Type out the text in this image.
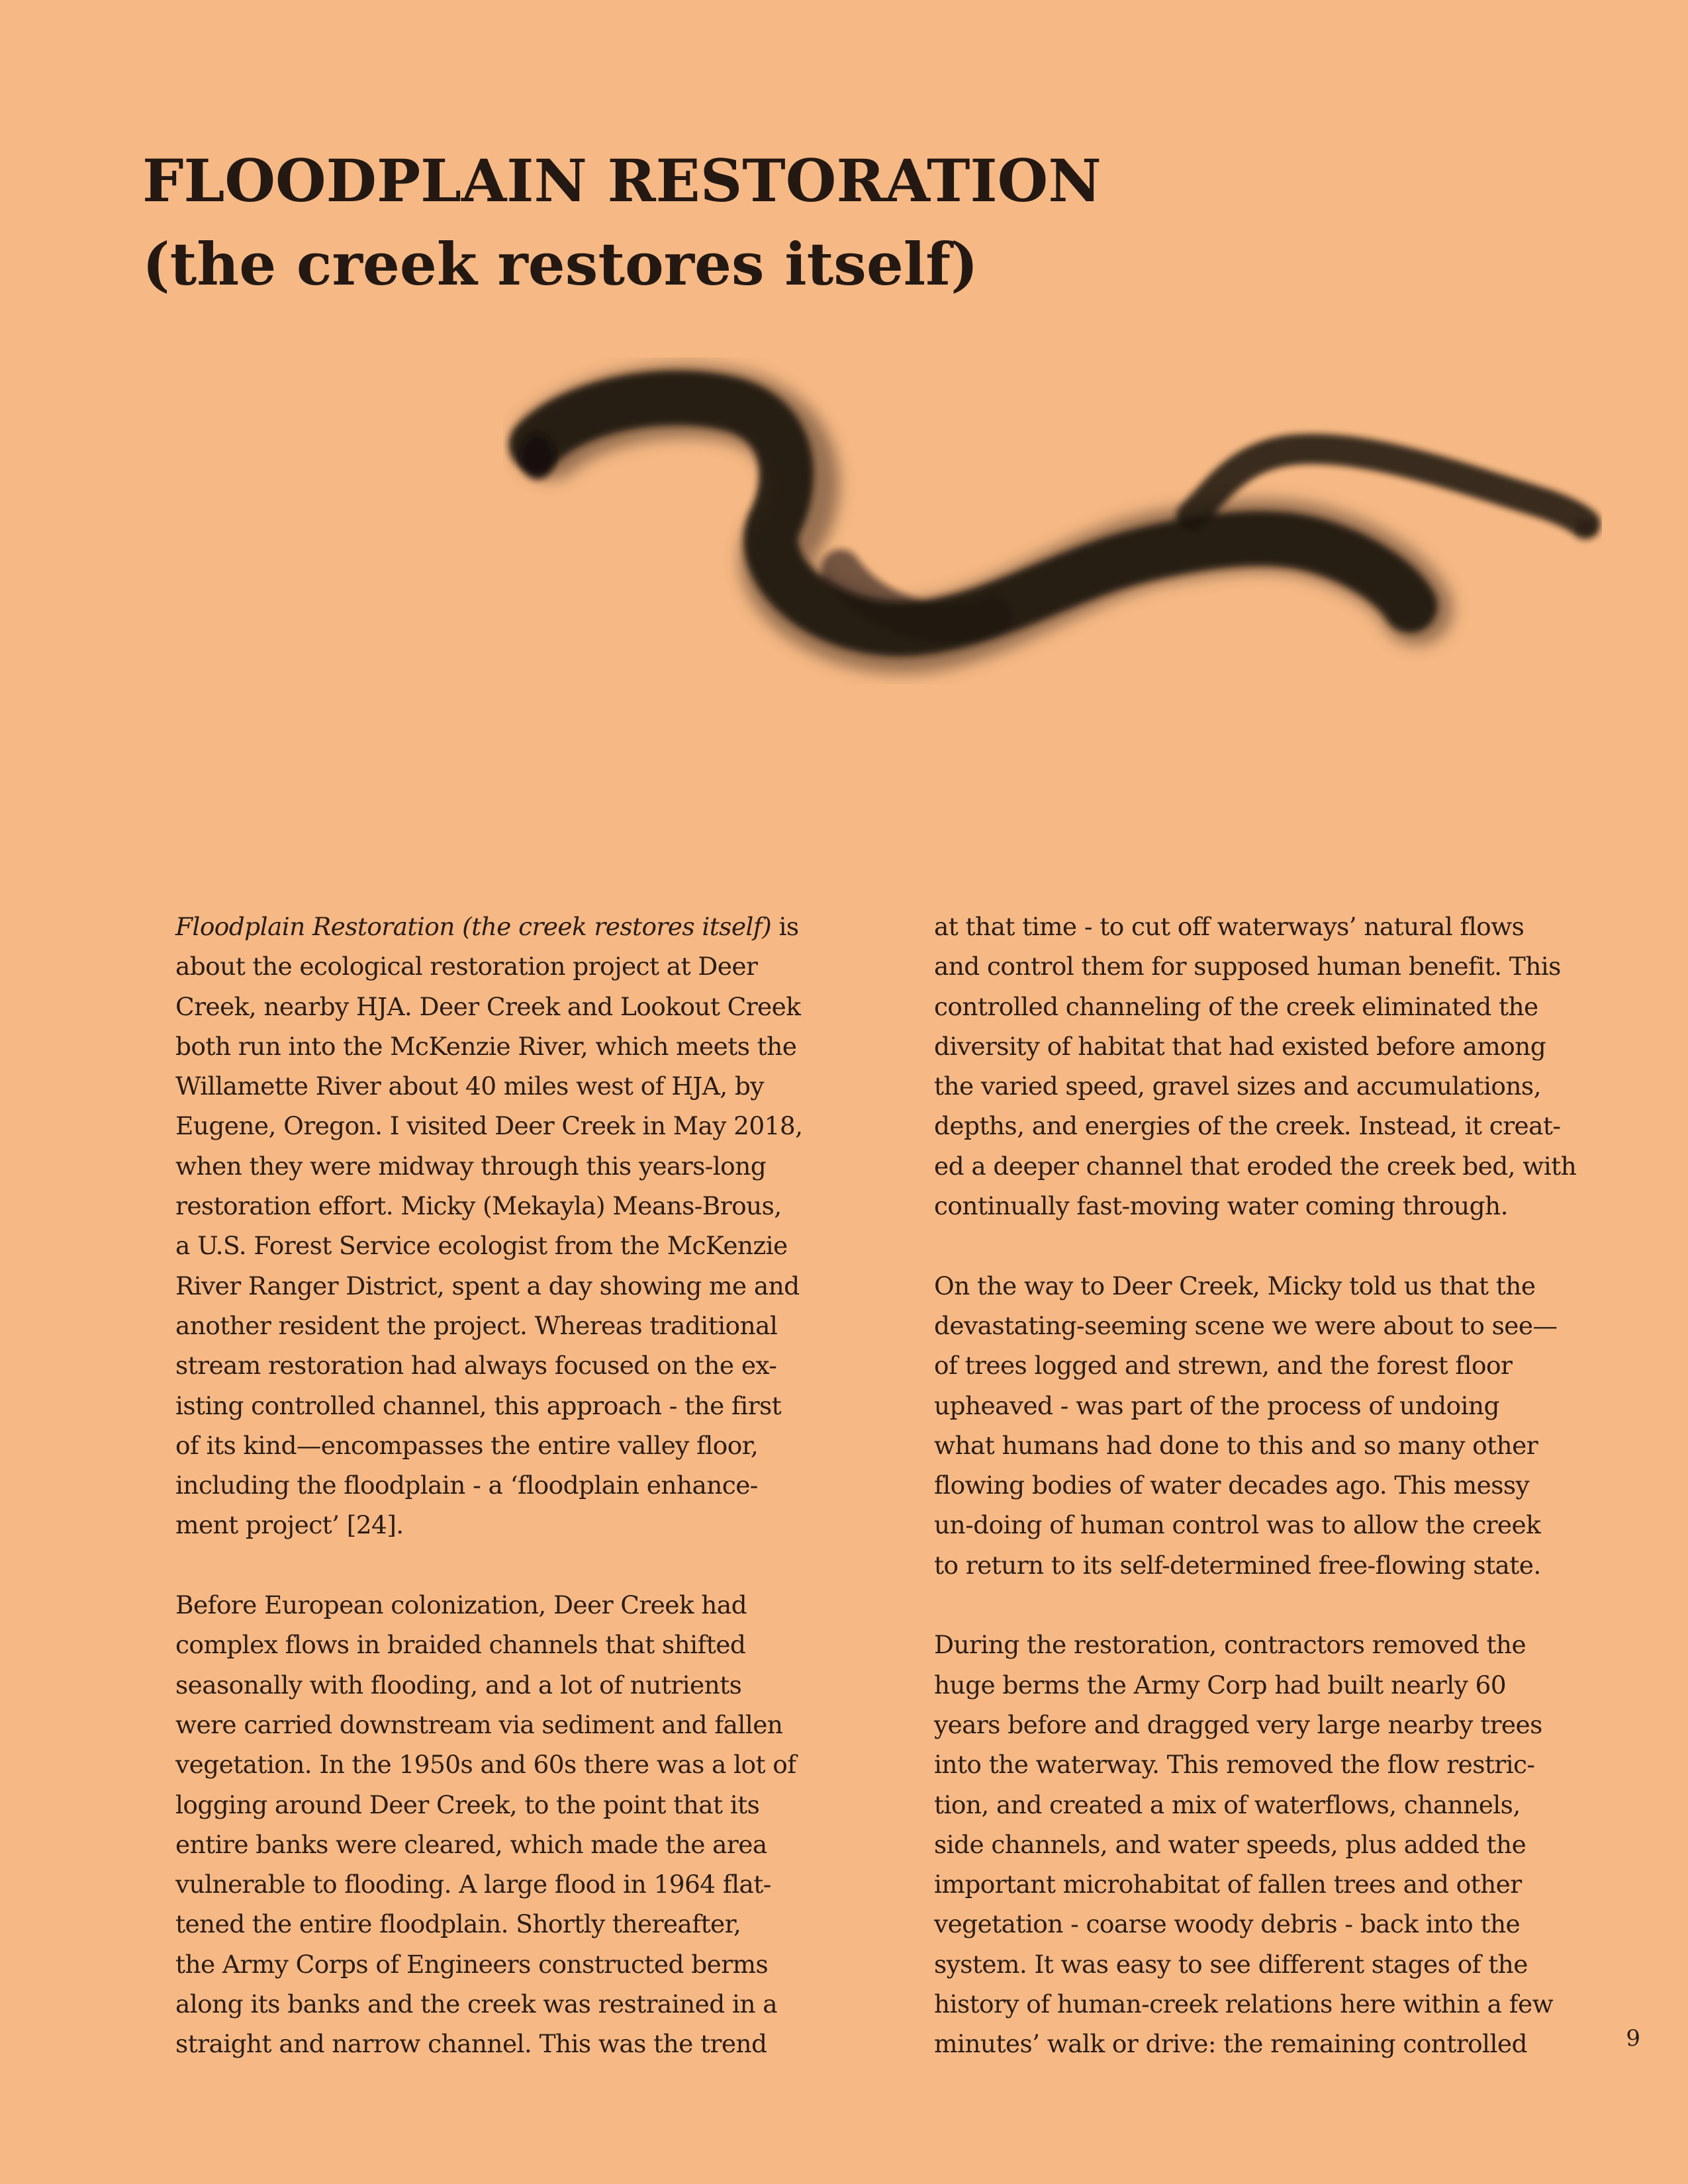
FLOODPLAIN RESTORATION
(the creek restores itself)

Floodplain Restoration (the creek restores itself) is
about the ecological restoration project at Deer
Creek, nearby HJA. Deer Creek and Lookout Creek
both run into the McKenzie River, which meets the
Willamette River about 40 miles west of HJA, by
Eugene, Oregon. I visited Deer Creek in May 2018,
when they were midway through this years-long
restoration effort. Micky (Mekayla) Means-Brous,
a U.S. Forest Service ecologist from the McKenzie
River Ranger District, spent a day showing me and
another resident the project. Whereas traditional
stream restoration had always focused on the ex-
isting controlled channel, this approach - the first
of its kind—encompasses the entire valley floor,
including the floodplain - a ‘floodplain enhance-
ment project’ [24].

Before European colonization, Deer Creek had
complex flows in braided channels that shifted
seasonally with flooding, and a lot of nutrients
were carried downstream via sediment and fallen
vegetation. In the 1950s and 60s there was a lot of
logging around Deer Creek, to the point that its
entire banks were cleared, which made the area
vulnerable to flooding. A large flood in 1964 flat-
tened the entire floodplain. Shortly thereafter,
the Army Corps of Engineers constructed berms
along its banks and the creek was restrained in a
straight and narrow channel. This was the trend

at that time - to cut off waterways’ natural flows
and control them for supposed human benefit. This
controlled channeling of the creek eliminated the
diversity of habitat that had existed before among
the varied speed, gravel sizes and accumulations,
depths, and energies of the creek. Instead, it creat-
ed a deeper channel that eroded the creek bed, with
continually fast-moving water coming through.

On the way to Deer Creek, Micky told us that the
devastating-seeming scene we were about to see—
of trees logged and strewn, and the forest floor
upheaved - was part of the process of undoing
what humans had done to this and so many other
flowing bodies of water decades ago. This messy
un-doing of human control was to allow the creek
to return to its self-determined free-flowing state.

During the restoration, contractors removed the
huge berms the Army Corp had built nearly 60
years before and dragged very large nearby trees
into the waterway. This removed the flow restric-
tion, and created a mix of waterflows, channels,
side channels, and water speeds, plus added the
important microhabitat of fallen trees and other
vegetation - coarse woody debris - back into the
system. It was easy to see different stages of the
history of human-creek relations here within a few
minutes’ walk or drive: the remaining controlled	9
